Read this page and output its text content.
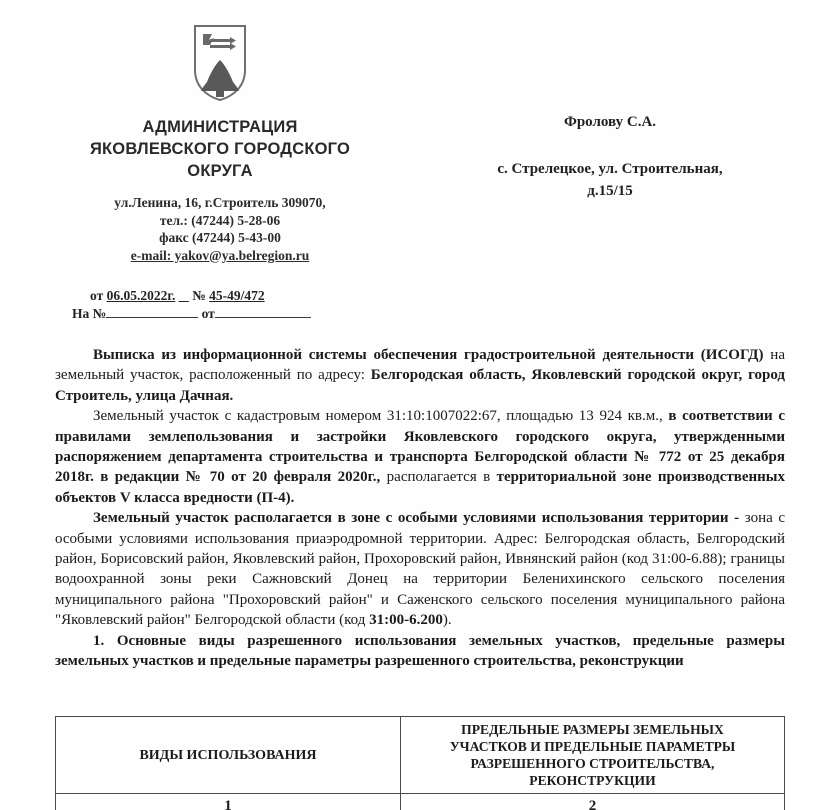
АДМИНИСТРАЦИЯ
ЯКОВЛЕВСКОГО ГОРОДСКОГО
ОКРУГА
ул.Ленина, 16, г.Строитель 309070,
тел.: (47244) 5-28-06
факс (47244) 5-43-00
e-mail: yakov@ya.belregion.ru
от 06.05.2022г. № 45-49/472
На №	от
Фролову С.А.
с. Стрелецкое, ул. Строительная,
д.15/15

Выписка из информационной системы обеспечения градостроительной деятельности (ИСОГД) на земельный участок, расположенный по адресу: Белгородская область, Яковлевский городской округ, город Строитель, улица Дачная.

Земельный участок с кадастровым номером 31:10:1007022:67, площадью 13 924 кв.м., в соответствии с правилами землепользования и застройки Яковлевского городского округа, утвержденными распоряжением департамента строительства и транспорта Белгородской области № 772 от 25 декабря 2018г. в редакции № 70 от 20 февраля 2020г., располагается в территориальной зоне производственных объектов V класса вредности (П-4).

Земельный участок располагается в зоне с особыми условиями использования территории - зона с особыми условиями использования приаэродромной территории. Адрес: Белгородская область, Белгородский район, Борисовский район, Яковлевский район, Прохоровский район, Ивнянский район (код 31:00-6.88); границы водоохранной зоны реки Сажновский Донец на территории Беленихинского сельского поселения муниципального района "Прохоровский район" и Саженского сельского поселения муниципального района "Яковлевский район" Белгородской области (код 31:00-6.200).

1. Основные виды разрешенного использования земельных участков, предельные размеры земельных участков и предельные параметры разрешенного строительства, реконструкции

ВИДЫ ИСПОЛЬЗОВАНИЯ	ПРЕДЕЛЬНЫЕ РАЗМЕРЫ ЗЕМЕЛЬНЫХ
УЧАСТКОВ И ПРЕДЕЛЬНЫЕ ПАРАМЕТРЫ
РАЗРЕШЕННОГО СТРОИТЕЛЬСТВА,
РЕКОНСТРУКЦИИ

1	2
